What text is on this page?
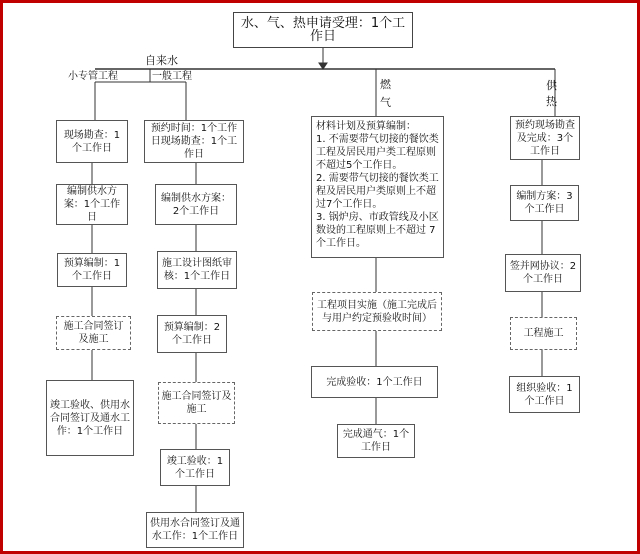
水、气、热申请受理：1个工作日
自来水
小专管工程	一般工程
燃
气
供
热
现场勘查：1个工作日
编制供水方案：1个工作日
预算编制：1个工作日
施工合同签订及施工
竣工验收、供用水合同签订及通水工作：1个工作日
预约时间：1个工作日现场勘查：1个工作日
编制供水方案：2个工作日
施工设计图纸审核：1个工作日
预算编制：2个工作日
施工合同签订及施工
竣工验收：1个工作日
供用水合同签订及通水工作：1个工作日
材料计划及预算编制：
1. 不需要带气切接的餐饮类工程及居民用户类工程原则不超过5个工作日。
2. 需要带气切接的餐饮类工程及居民用户类原则上不超过7个工作日。
3. 锅炉房、市政管线及小区数设的工程原则上不超过 7 个工作日。
工程项目实施（施工完成后与用户约定预验收时间）
完成验收：1个工作日
完成通气：1个工作日
预约现场勘查及完成：3个工作日
编制方案：3个工作日
签并网协议：2个工作日
工程施工
组织验收：1个工作日
